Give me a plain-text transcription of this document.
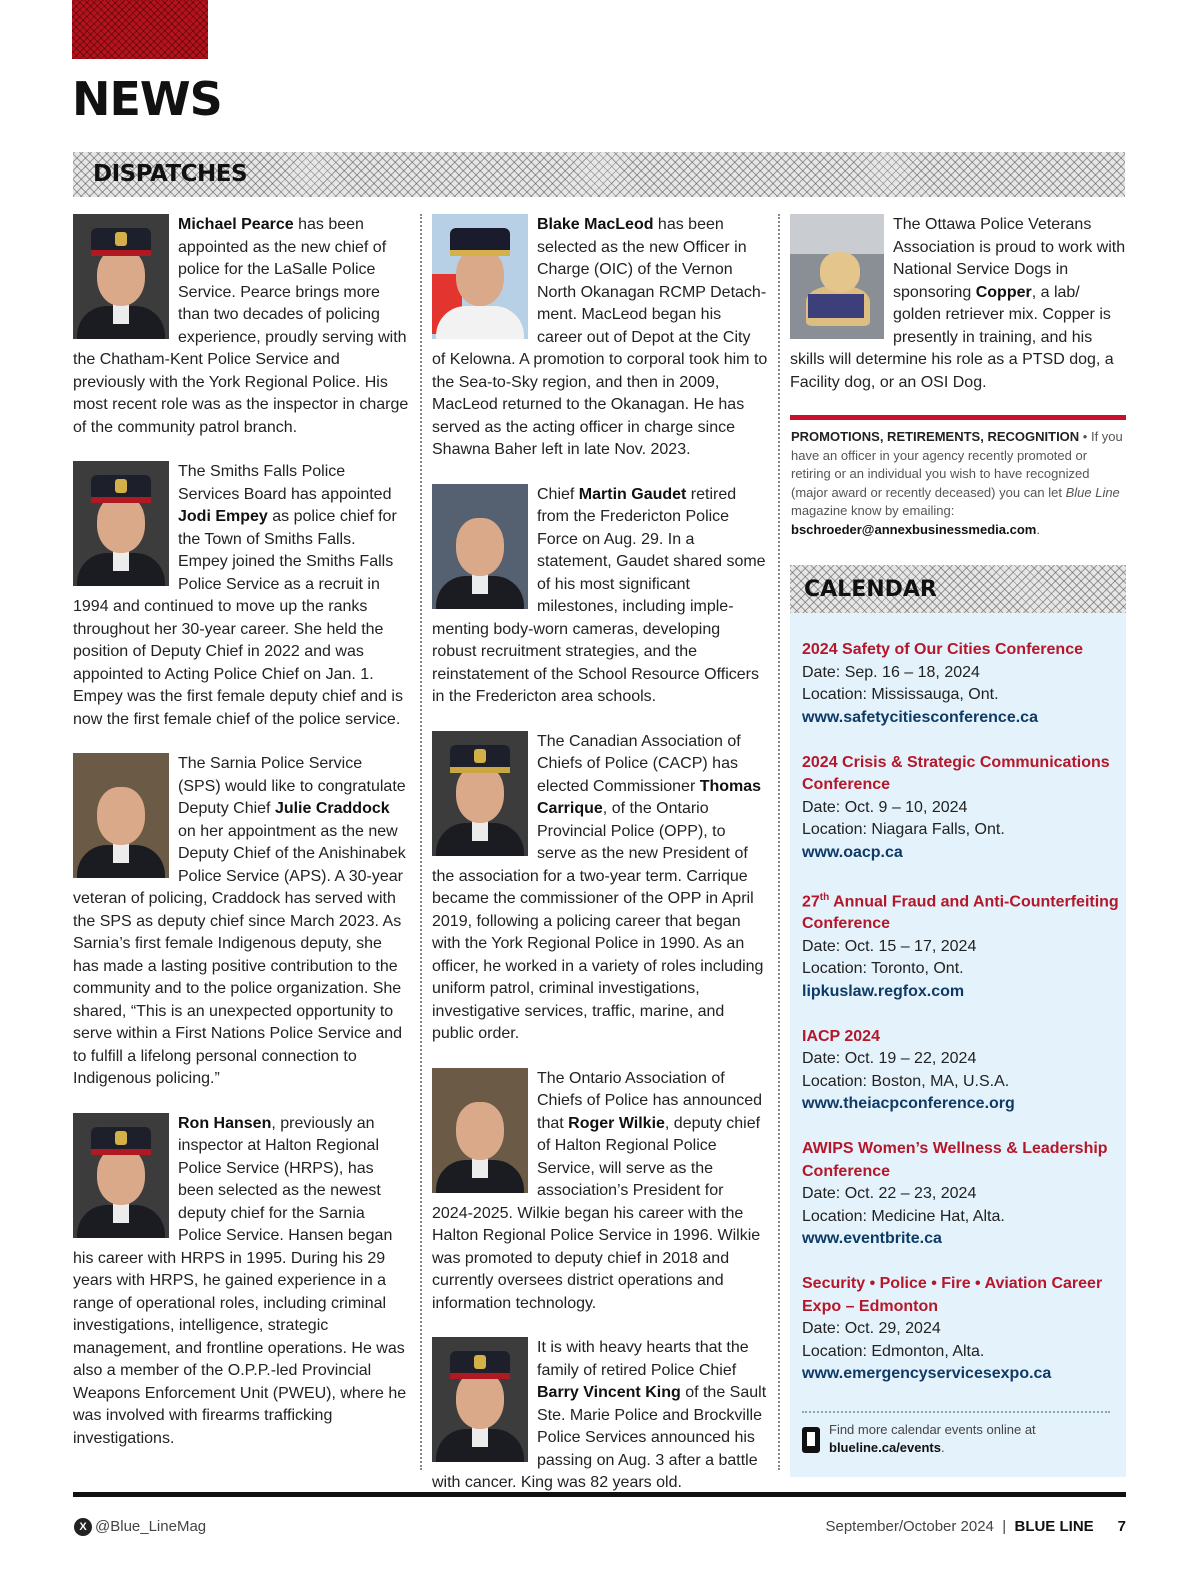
NEWS
DISPATCHES
Michael Pearce has been appointed as the new chief of police for the LaSalle Police Service. Pearce brings more than two decades of policing experience, proudly serving with the Chatham-Kent Police Service and previously with the York Regional Police. His most recent role was as the inspector in charge of the community patrol branch.
The Smiths Falls Police Services Board has appointed Jodi Empey as police chief for the Town of Smiths Falls. Empey joined the Smiths Falls Police Service as a recruit in 1994 and continued to move up the ranks throughout her 30-year career. She held the position of Deputy Chief in 2022 and was appointed to Acting Police Chief on Jan. 1. Empey was the first female deputy chief and is now the first female chief of the police service.
The Sarnia Police Service (SPS) would like to congratulate Deputy Chief Julie Craddock on her appointment as the new Deputy Chief of the Anishinabek Police Service (APS). A 30-year veteran of policing, Craddock has served with the SPS as deputy chief since March 2023. As Sarnia’s first female Indigenous deputy, she has made a lasting positive contribution to the community and to the police organization. She shared, “This is an unexpected opportunity to serve within a First Nations Police Service and to fulfill a lifelong personal connection to Indigenous policing.”
Ron Hansen, previously an inspector at Halton Regional Police Service (HRPS), has been selected as the newest deputy chief for the Sarnia Police Service. Hansen began his career with HRPS in 1995. During his 29 years with HRPS, he gained experience in a range of operational roles, including criminal investigations, intelligence, strategic management, and frontline operations. He was also a member of the O.P.P.-led Provincial Weapons Enforcement Unit (PWEU), where he was involved with firearms trafficking investigations.
Blake MacLeod has been selected as the new Officer in Charge (OIC) of the Vernon North Okanagan RCMP Detachment. MacLeod began his career out of Depot at the City of Kelowna. A promotion to corporal took him to the Sea-to-Sky region, and then in 2009, MacLeod returned to the Okanagan. He has served as the acting officer in charge since Shawna Baher left in late Nov. 2023.
Chief Martin Gaudet retired from the Fredericton Police Force on Aug. 29. In a statement, Gaudet shared some of his most significant milestones, including implementing body-worn cameras, developing robust recruitment strategies, and the reinstatement of the School Resource Officers in the Fredericton area schools.
The Canadian Association of Chiefs of Police (CACP) has elected Commissioner Thomas Carrique, of the Ontario Provincial Police (OPP), to serve as the new President of the association for a two-year term. Carrique became the commissioner of the OPP in April 2019, following a policing career that began with the York Regional Police in 1990. As an officer, he worked in a variety of roles including uniform patrol, criminal investigations, investigative services, traffic, marine, and public order.
The Ontario Association of Chiefs of Police has announced that Roger Wilkie, deputy chief of Halton Regional Police Service, will serve as the association’s President for 2024-2025. Wilkie began his career with the Halton Regional Police Service in 1996. Wilkie was promoted to deputy chief in 2018 and currently oversees district operations and information technology.
It is with heavy hearts that the family of retired Police Chief Barry Vincent King of the Sault Ste. Marie Police and Brockville Police Services announced his passing on Aug. 3 after a battle with cancer. King was 82 years old.
The Ottawa Police Veterans Association is proud to work with National Service Dogs in sponsoring Copper, a lab/ golden retriever mix. Copper is presently in training, and his skills will determine his role as a PTSD dog, a Facility dog, or an OSI Dog.
PROMOTIONS, RETIREMENTS, RECOGNITION • If you have an officer in your agency recently promoted or retiring or an individual you wish to have recognized (major award or recently deceased) you can let Blue Line magazine know by emailing: bschroeder@annexbusinessmedia.com.
CALENDAR
2024 Safety of Our Cities Conference
Date: Sep. 16 – 18, 2024
Location: Mississauga, Ont.
www.safetycitiesconference.ca
2024 Crisis & Strategic Communications Conference
Date: Oct. 9 – 10, 2024
Location: Niagara Falls, Ont.
www.oacp.ca
27th Annual Fraud and Anti-Counterfeiting Conference
Date: Oct. 15 – 17, 2024
Location: Toronto, Ont.
lipkuslaw.regfox.com
IACP 2024
Date: Oct. 19 – 22, 2024
Location: Boston, MA, U.S.A.
www.theiacpconference.org
AWIPS Women’s Wellness & Leadership Conference
Date: Oct. 22 – 23, 2024
Location: Medicine Hat, Alta.
www.eventbrite.ca
Security • Police • Fire • Aviation Career Expo – Edmonton
Date: Oct. 29, 2024
Location: Edmonton, Alta.
www.emergencyservicesexpo.ca
Find more calendar events online at
blueline.ca/events.
X @Blue_LineMag	September/October 2024  |  BLUE LINE 7
